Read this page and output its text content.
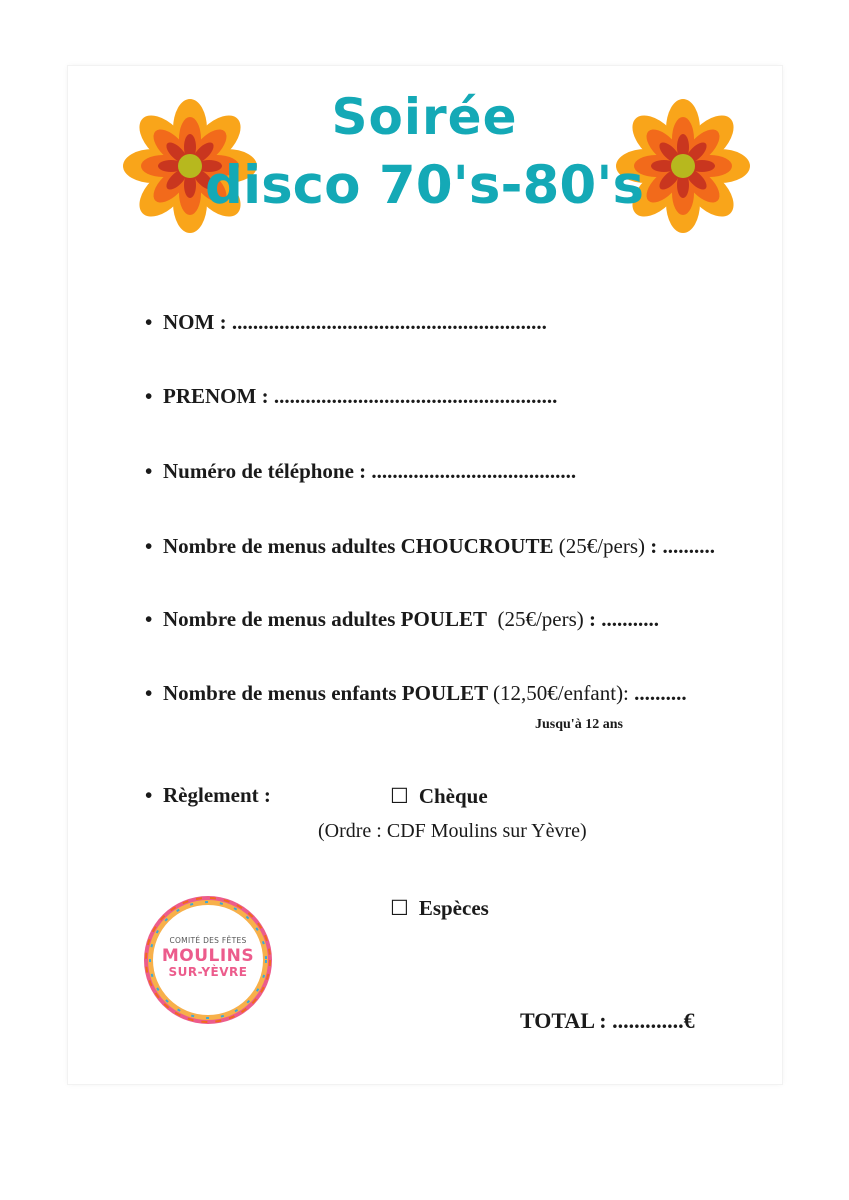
Soirée
disco 70's-80's
• NOM : ............................................................
• PRENOM : ......................................................
• Numéro de téléphone : .......................................
• Nombre de menus adultes CHOUCROUTE (25€/pers) : ..........
• Nombre de menus adultes POULET (25€/pers) : ...........
• Nombre de menus enfants POULET (12,50€/enfant): ..........
Jusqu'à 12 ans
• Règlement :	☐ Chèque
(Ordre : CDF Moulins sur Yèvre)
☐ Espèces
COMITÉ DES FÊTES
MOULINS
SUR-YÈVRE
TOTAL : .............€
